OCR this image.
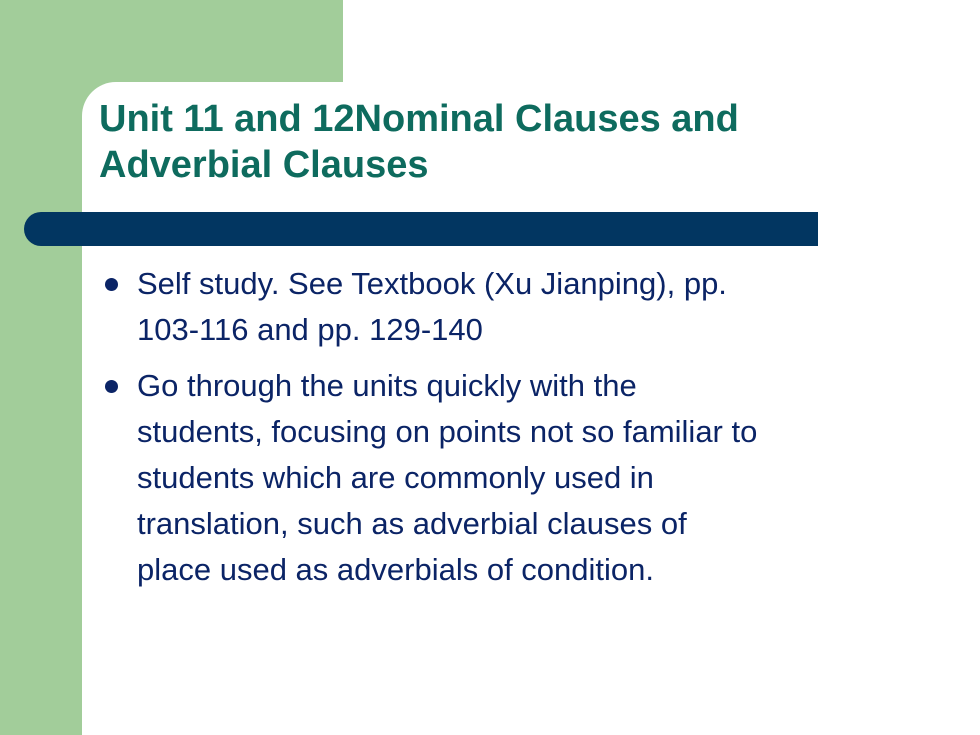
Unit 11 and 12Nominal Clauses and
Adverbial Clauses
Self study. See Textbook (Xu Jianping), pp.
103-116 and pp. 129-140
Go through the units quickly with the
students, focusing on points not so familiar to
students which are commonly used in
translation, such as adverbial clauses of
place used as adverbials of condition.
